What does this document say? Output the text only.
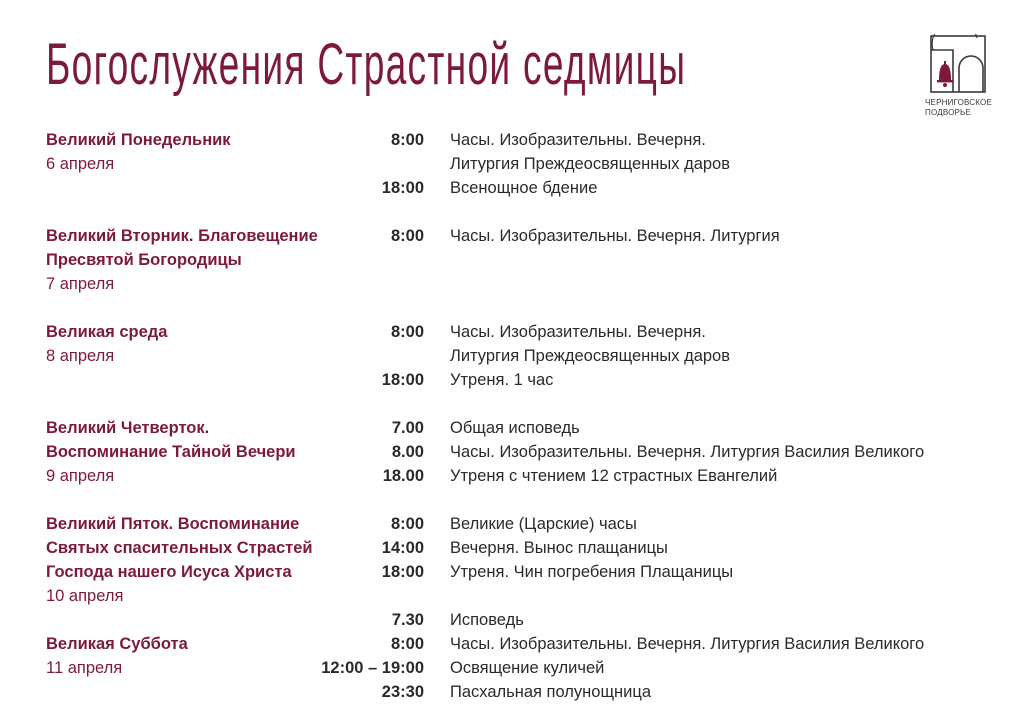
Богослужения Страстной седмицы
ЧЕРНИГОВСКОЕ
ПОДВОРЬЕ
Великий Понедельник	8:00 Часы. Изобразительны. Вечерня.
6 апреля	Литургия Преждеосвященных даров
18:00 Всенощное бдение
Великий Вторник. Благовещение	8:00 Часы. Изобразительны. Вечерня. Литургия
Пресвятой Богородицы
7 апреля
Великая среда	8:00 Часы. Изобразительны. Вечерня.
8 апреля	Литургия Преждеосвященных даров
18:00 Утреня. 1 час
Великий Четверток.	7.00 Общая исповедь
Воспоминание Тайной Вечери	8.00 Часы. Изобразительны. Вечерня. Литургия Василия Великого
9 апреля	18.00 Утреня с чтением 12 страстных Евангелий
Великий Пяток. Воспоминание	8:00 Великие (Царские) часы
Святых спасительных Страстей	14:00 Вечерня. Вынос плащаницы
Господа нашего Исуса Христа	18:00 Утреня. Чин погребения Плащаницы
10 апреля
7.30 Исповедь
Великая Суббота	8:00 Часы. Изобразительны. Вечерня. Литургия Василия Великого
11 апреля	12:00 – 19:00 Освящение куличей
23:30 Пасхальная полунощница
